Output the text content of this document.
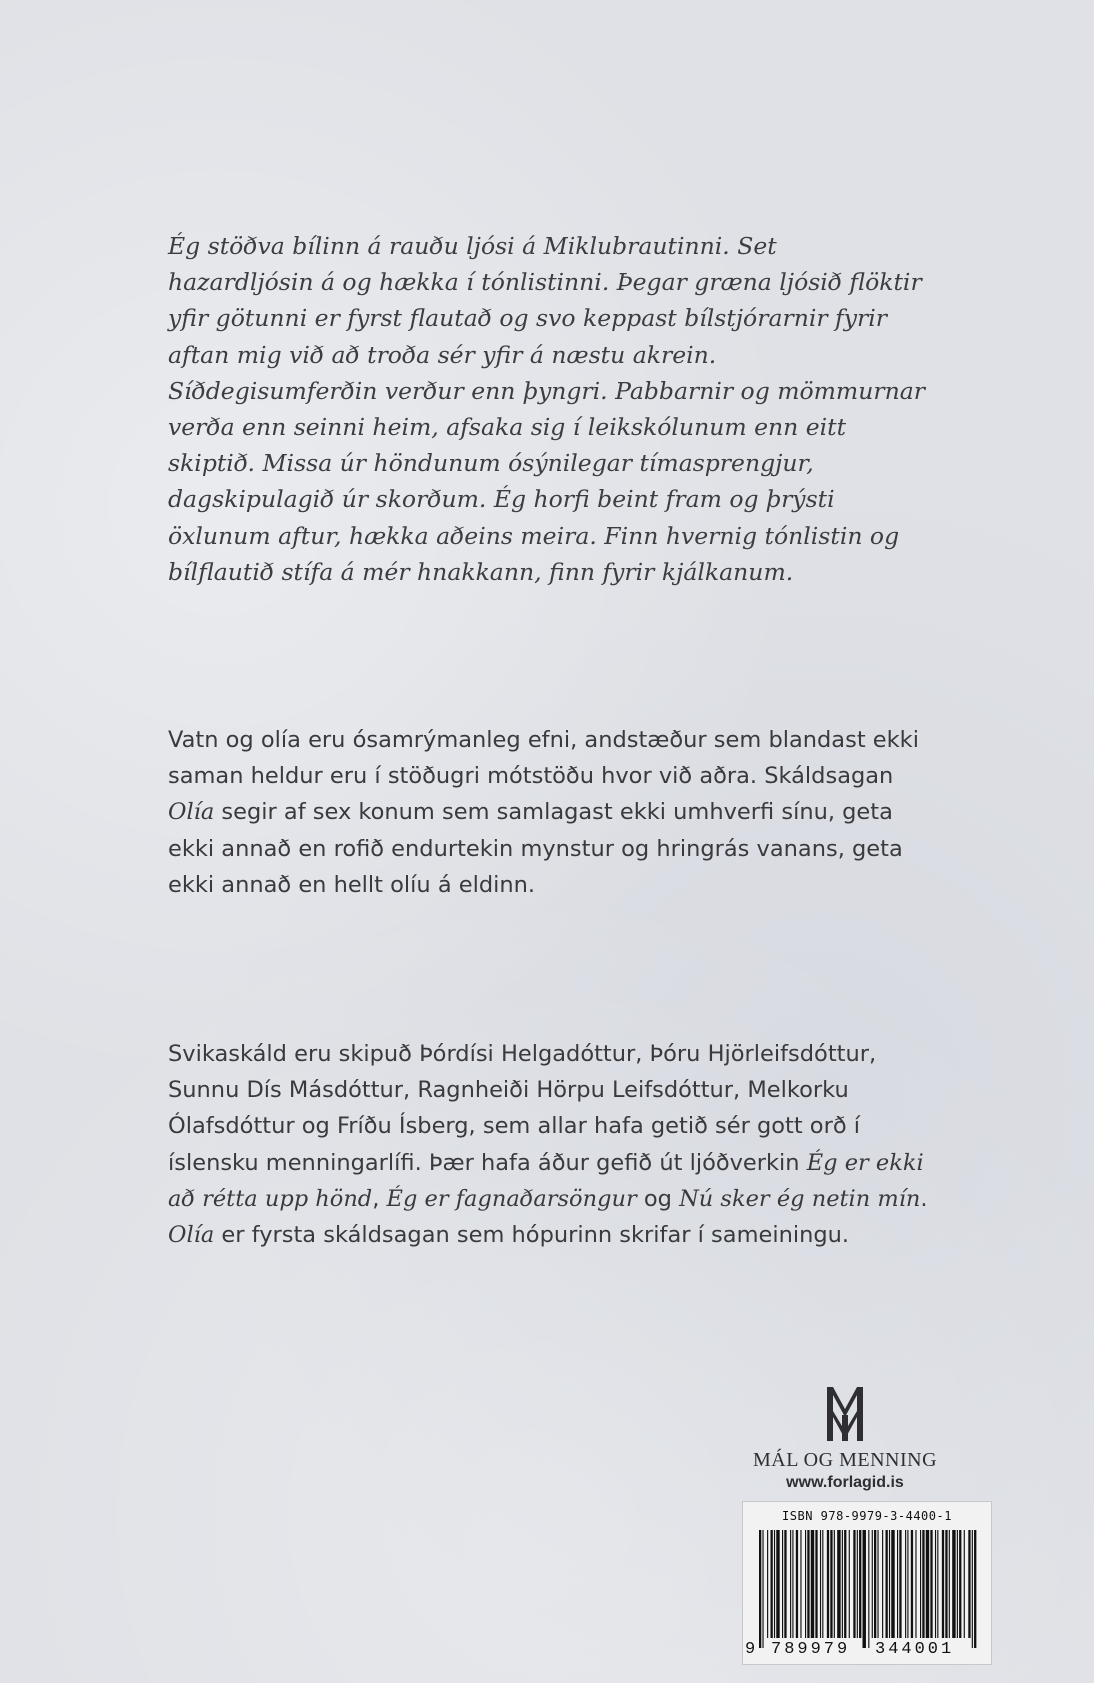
Ég stöðva bílinn á rauðu ljósi á Miklubrautinni. Set hazardljósin á og hækka í tónlistinni. Þegar græna ljósið flöktir yfir götunni er fyrst flautað og svo keppast bílstjórarnir fyrir aftan mig við að troða sér yfir á næstu akrein. Síðdegisumferðin verður enn þyngri. Pabbarnir og mömmurnar verða enn seinni heim, afsaka sig í leikskólunum enn eitt skiptið. Missa úr höndunum ósýnilegar tímasprengjur, dagskipulagið úr skorðum. Ég horfi beint fram og þrýsti öxlunum aftur, hækka aðeins meira. Finn hvernig tónlistin og bílflautið stífa á mér hnakkann, finn fyrir kjálkanum.

Vatn og olía eru ósamrýmanleg efni, andstæður sem blandast ekki saman heldur eru í stöðugri mótstöðu hvor við aðra. Skáldsagan Olía segir af sex konum sem samlagast ekki umhverfi sínu, geta ekki annað en rofið endurtekin mynstur og hringrás vanans, geta ekki annað en hellt olíu á eldinn.

Svikaskáld eru skipuð Þórdísi Helgadóttur, Þóru Hjörleifsdóttur, Sunnu Dís Másdóttur, Ragnheiði Hörpu Leifsdóttur, Melkorku Ólafsdóttur og Fríðu Ísberg, sem allar hafa getið sér gott orð í íslensku menningarlífi. Þær hafa áður gefið út ljóðverkin Ég er ekki að rétta upp hönd, Ég er fagnaðarsöngur og Nú sker ég netin mín. Olía er fyrsta skáldsagan sem hópurinn skrifar í sameiningu.

MÁL OG MENNING
www.forlagid.is
ISBN 978-9979-3-4400-1
9 789979 344001
